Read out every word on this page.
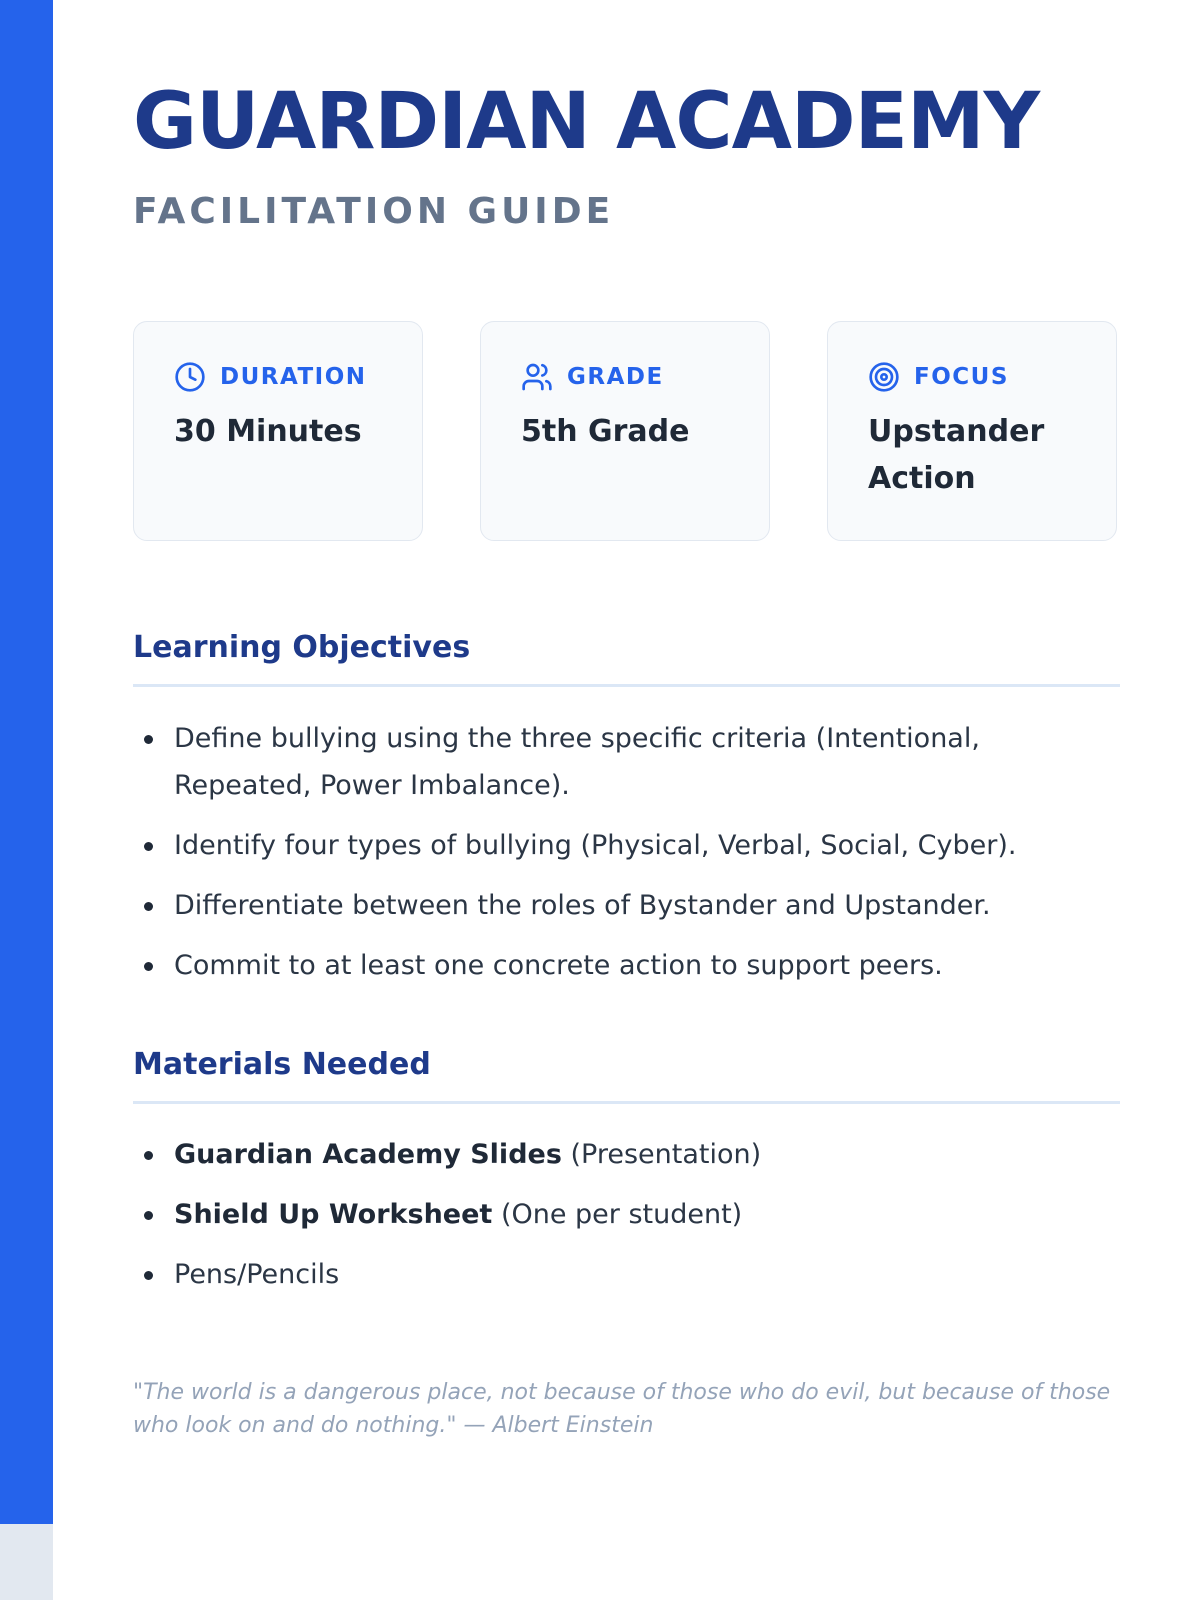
GUARDIAN ACADEMY
FACILITATION GUIDE
DURATION
30 Minutes
GRADE
5th Grade
FOCUS
Upstander Action
Learning Objectives
Define bullying using the three specific criteria (Intentional, Repeated, Power Imbalance).
Identify four types of bullying (Physical, Verbal, Social, Cyber).
Differentiate between the roles of Bystander and Upstander.
Commit to at least one concrete action to support peers.
Materials Needed
Guardian Academy Slides (Presentation)
Shield Up Worksheet (One per student)
Pens/Pencils

"The world is a dangerous place, not because of those who do evil, but because of those who look on and do nothing." — Albert Einstein
